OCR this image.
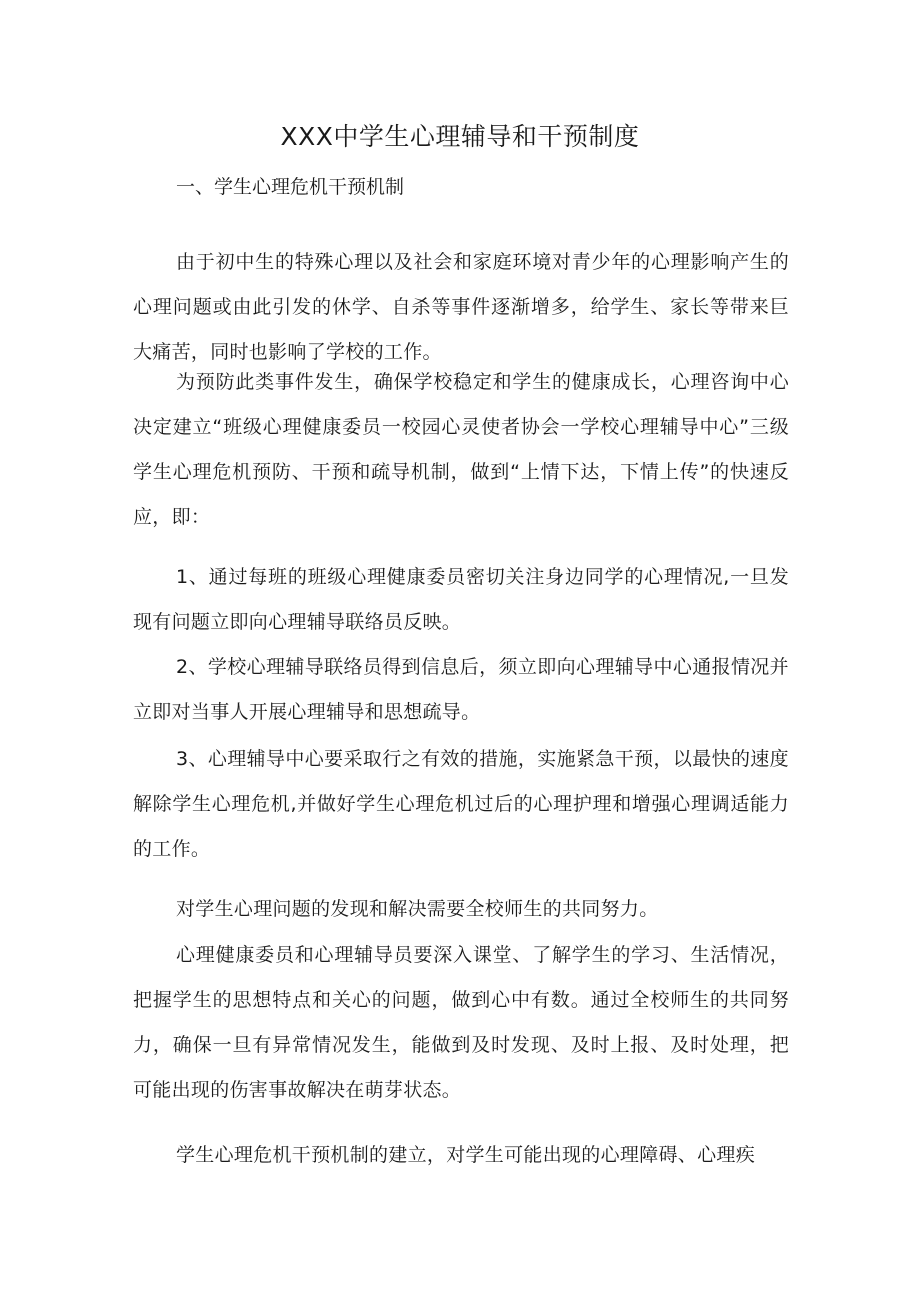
XXX中学生心理辅导和干预制度
一、学生心理危机干预机制

由于初中生的特殊心理以及社会和家庭环境对青少年的心理影响产生的心理问题或由此引发的休学、自杀等事件逐渐增多，给学生、家长等带来巨大痛苦，同时也影响了学校的工作。

为预防此类事件发生，确保学校稳定和学生的健康成长，心理咨询中心决定建立“班级心理健康委员一校园心灵使者协会一学校心理辅导中心”三级学生心理危机预防、干预和疏导机制，做到“上情下达，下情上传”的快速反应，即：

1、通过每班的班级心理健康委员密切关注身边同学的心理情况,一旦发现有问题立即向心理辅导联络员反映。

2、学校心理辅导联络员得到信息后，须立即向心理辅导中心通报情况并立即对当事人开展心理辅导和思想疏导。

3、心理辅导中心要采取行之有效的措施，实施紧急干预，以最快的速度解除学生心理危机,并做好学生心理危机过后的心理护理和增强心理调适能力的工作。

对学生心理问题的发现和解决需要全校师生的共同努力。

心理健康委员和心理辅导员要深入课堂、了解学生的学习、生活情况，把握学生的思想特点和关心的问题，做到心中有数。通过全校师生的共同努力，确保一旦有异常情况发生，能做到及时发现、及时上报、及时处理，把可能出现的伤害事故解决在萌芽状态。

学生心理危机干预机制的建立，对学生可能出现的心理障碍、心理疾
